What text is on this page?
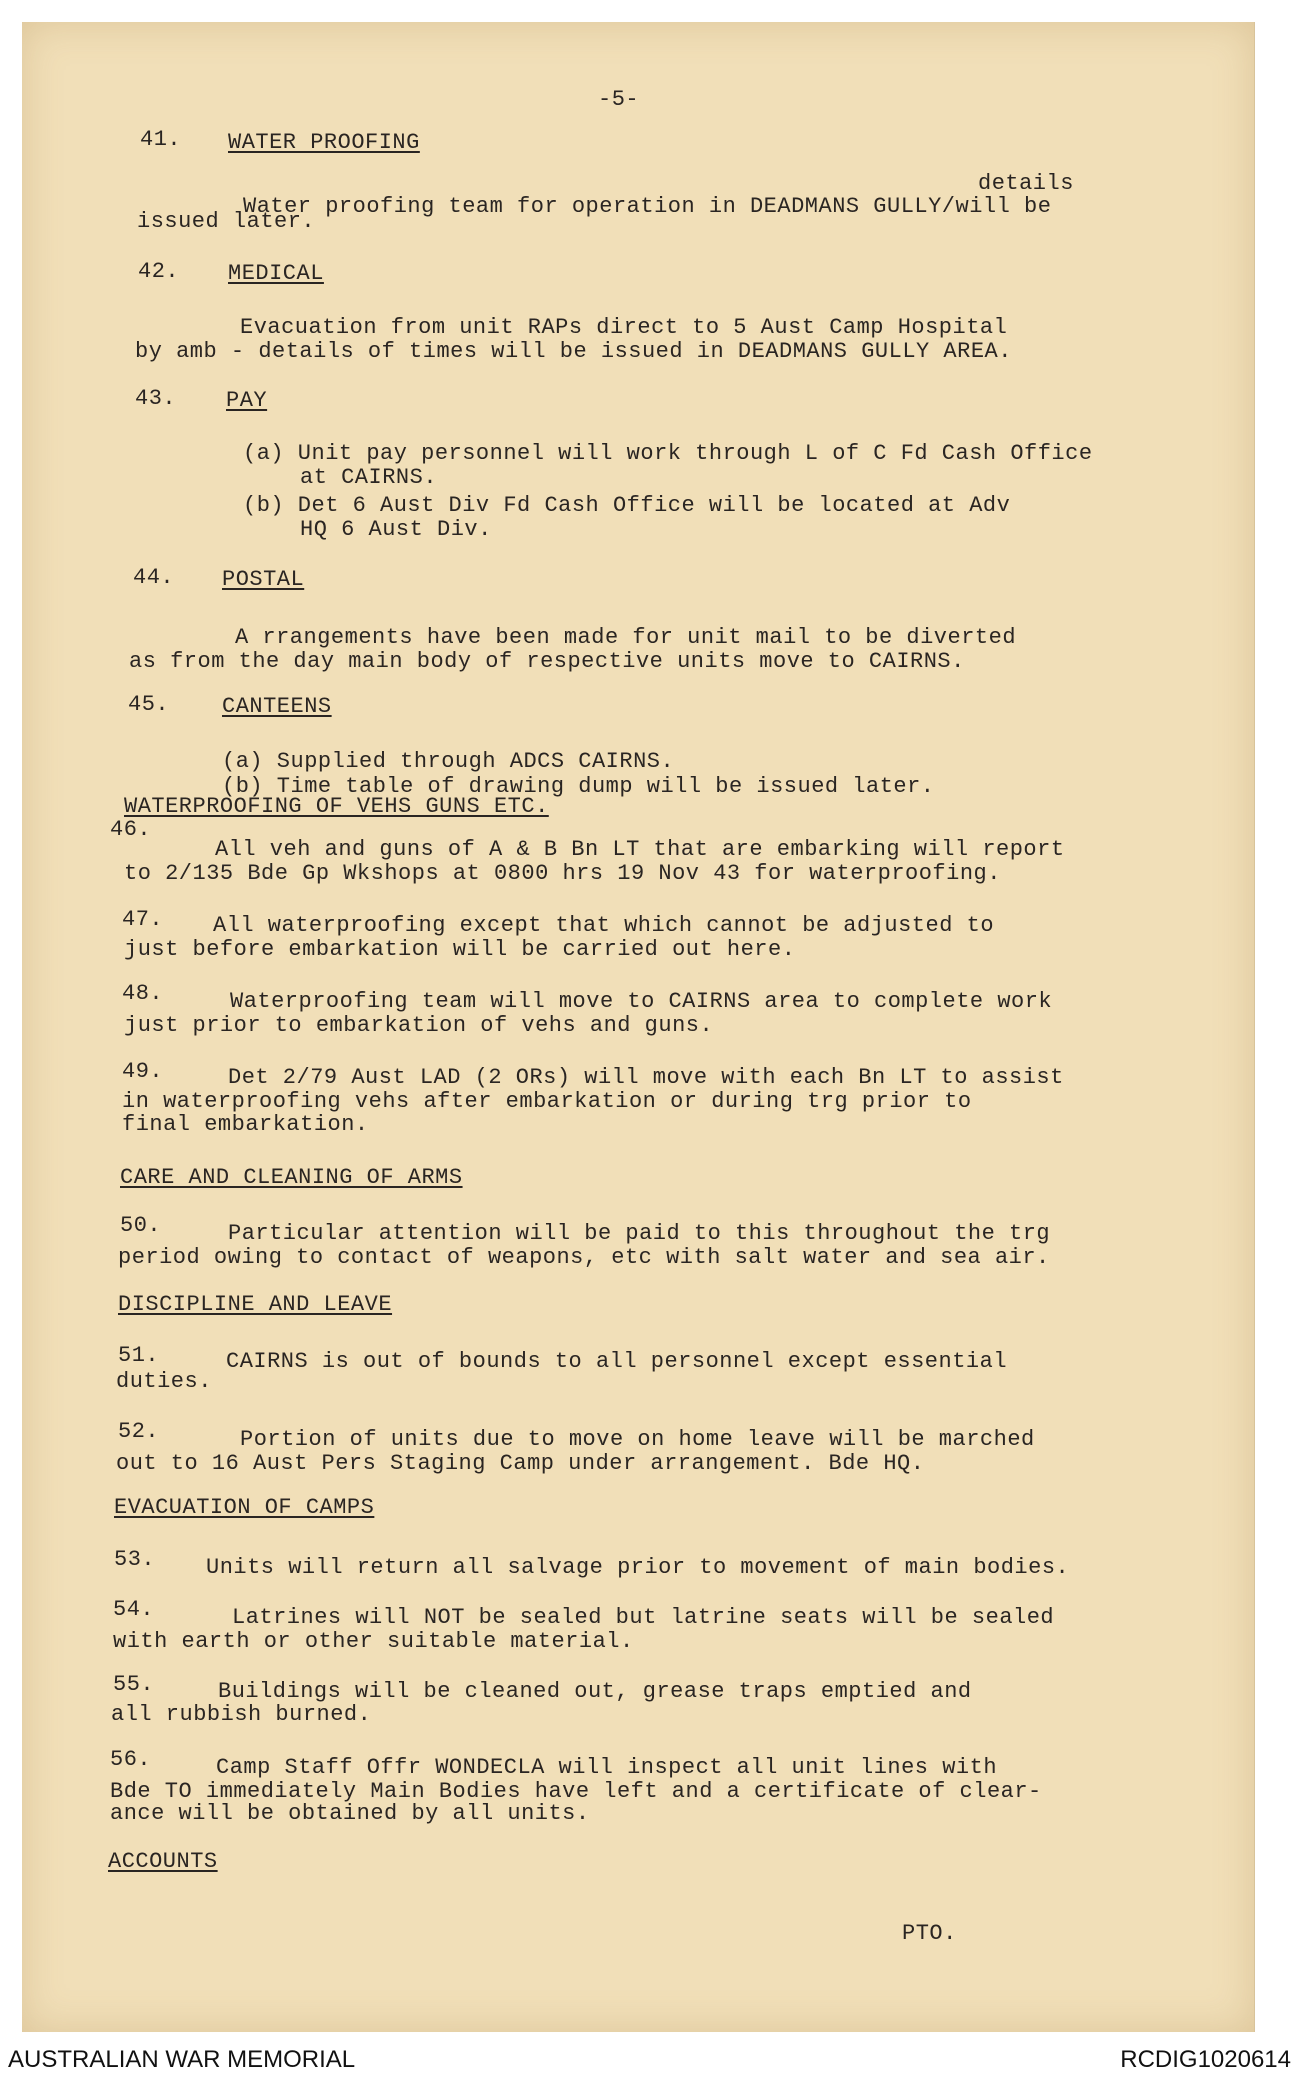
-5-
41. WATER PROOFING
details
Water proofing team for operation in DEADMANS GULLY/will be
issued later.
42. MEDICAL
Evacuation from unit RAPs direct to 5 Aust Camp Hospital
by amb - details of times will be issued in DEADMANS GULLY AREA.
43. PAY
(a) Unit pay personnel will work through L of C Fd Cash Office
at CAIRNS.
(b) Det 6 Aust Div Fd Cash Office will be located at Adv
HQ 6 Aust Div.
44. POSTAL
A rrangements have been made for unit mail to be diverted
as from the day main body of respective units move to CAIRNS.
45. CANTEENS
(a) Supplied through ADCS CAIRNS.
(b) Time table of drawing dump will be issued later.
WATERPROOFING OF VEHS GUNS ETC.
46.
All veh and guns of A & B Bn LT that are embarking will report
to 2/135 Bde Gp Wkshops at 0800 hrs 19 Nov 43 for waterproofing.
47. All waterproofing except that which cannot be adjusted to
just before embarkation will be carried out here.
48.	Waterproofing team will move to CAIRNS area to complete work
just prior to embarkation of vehs and guns.
49.	Det 2/79 Aust LAD (2 ORs) will move with each Bn LT to assist
in waterproofing vehs after embarkation or during trg prior to
final embarkation.
CARE AND CLEANING OF ARMS
50.	Particular attention will be paid to this throughout the trg
period owing to contact of weapons, etc with salt water and sea air.
DISCIPLINE AND LEAVE
51.	CAIRNS is out of bounds to all personnel except essential
duties.
52.	Portion of units due to move on home leave will be marched
out to 16 Aust Pers Staging Camp under arrangement. Bde HQ.
EVACUATION OF CAMPS
53. Units will return all salvage prior to movement of main bodies.
54.	Latrines will NOT be sealed but latrine seats will be sealed
with earth or other suitable material.
55.	Buildings will be cleaned out, grease traps emptied and
all rubbish burned.
56.	Camp Staff Offr WONDECLA will inspect all unit lines with
Bde TO immediately Main Bodies have left and a certificate of clear-
ance will be obtained by all units.
ACCOUNTS
PTO.
AUSTRALIAN WAR MEMORIAL	RCDIG1020614
